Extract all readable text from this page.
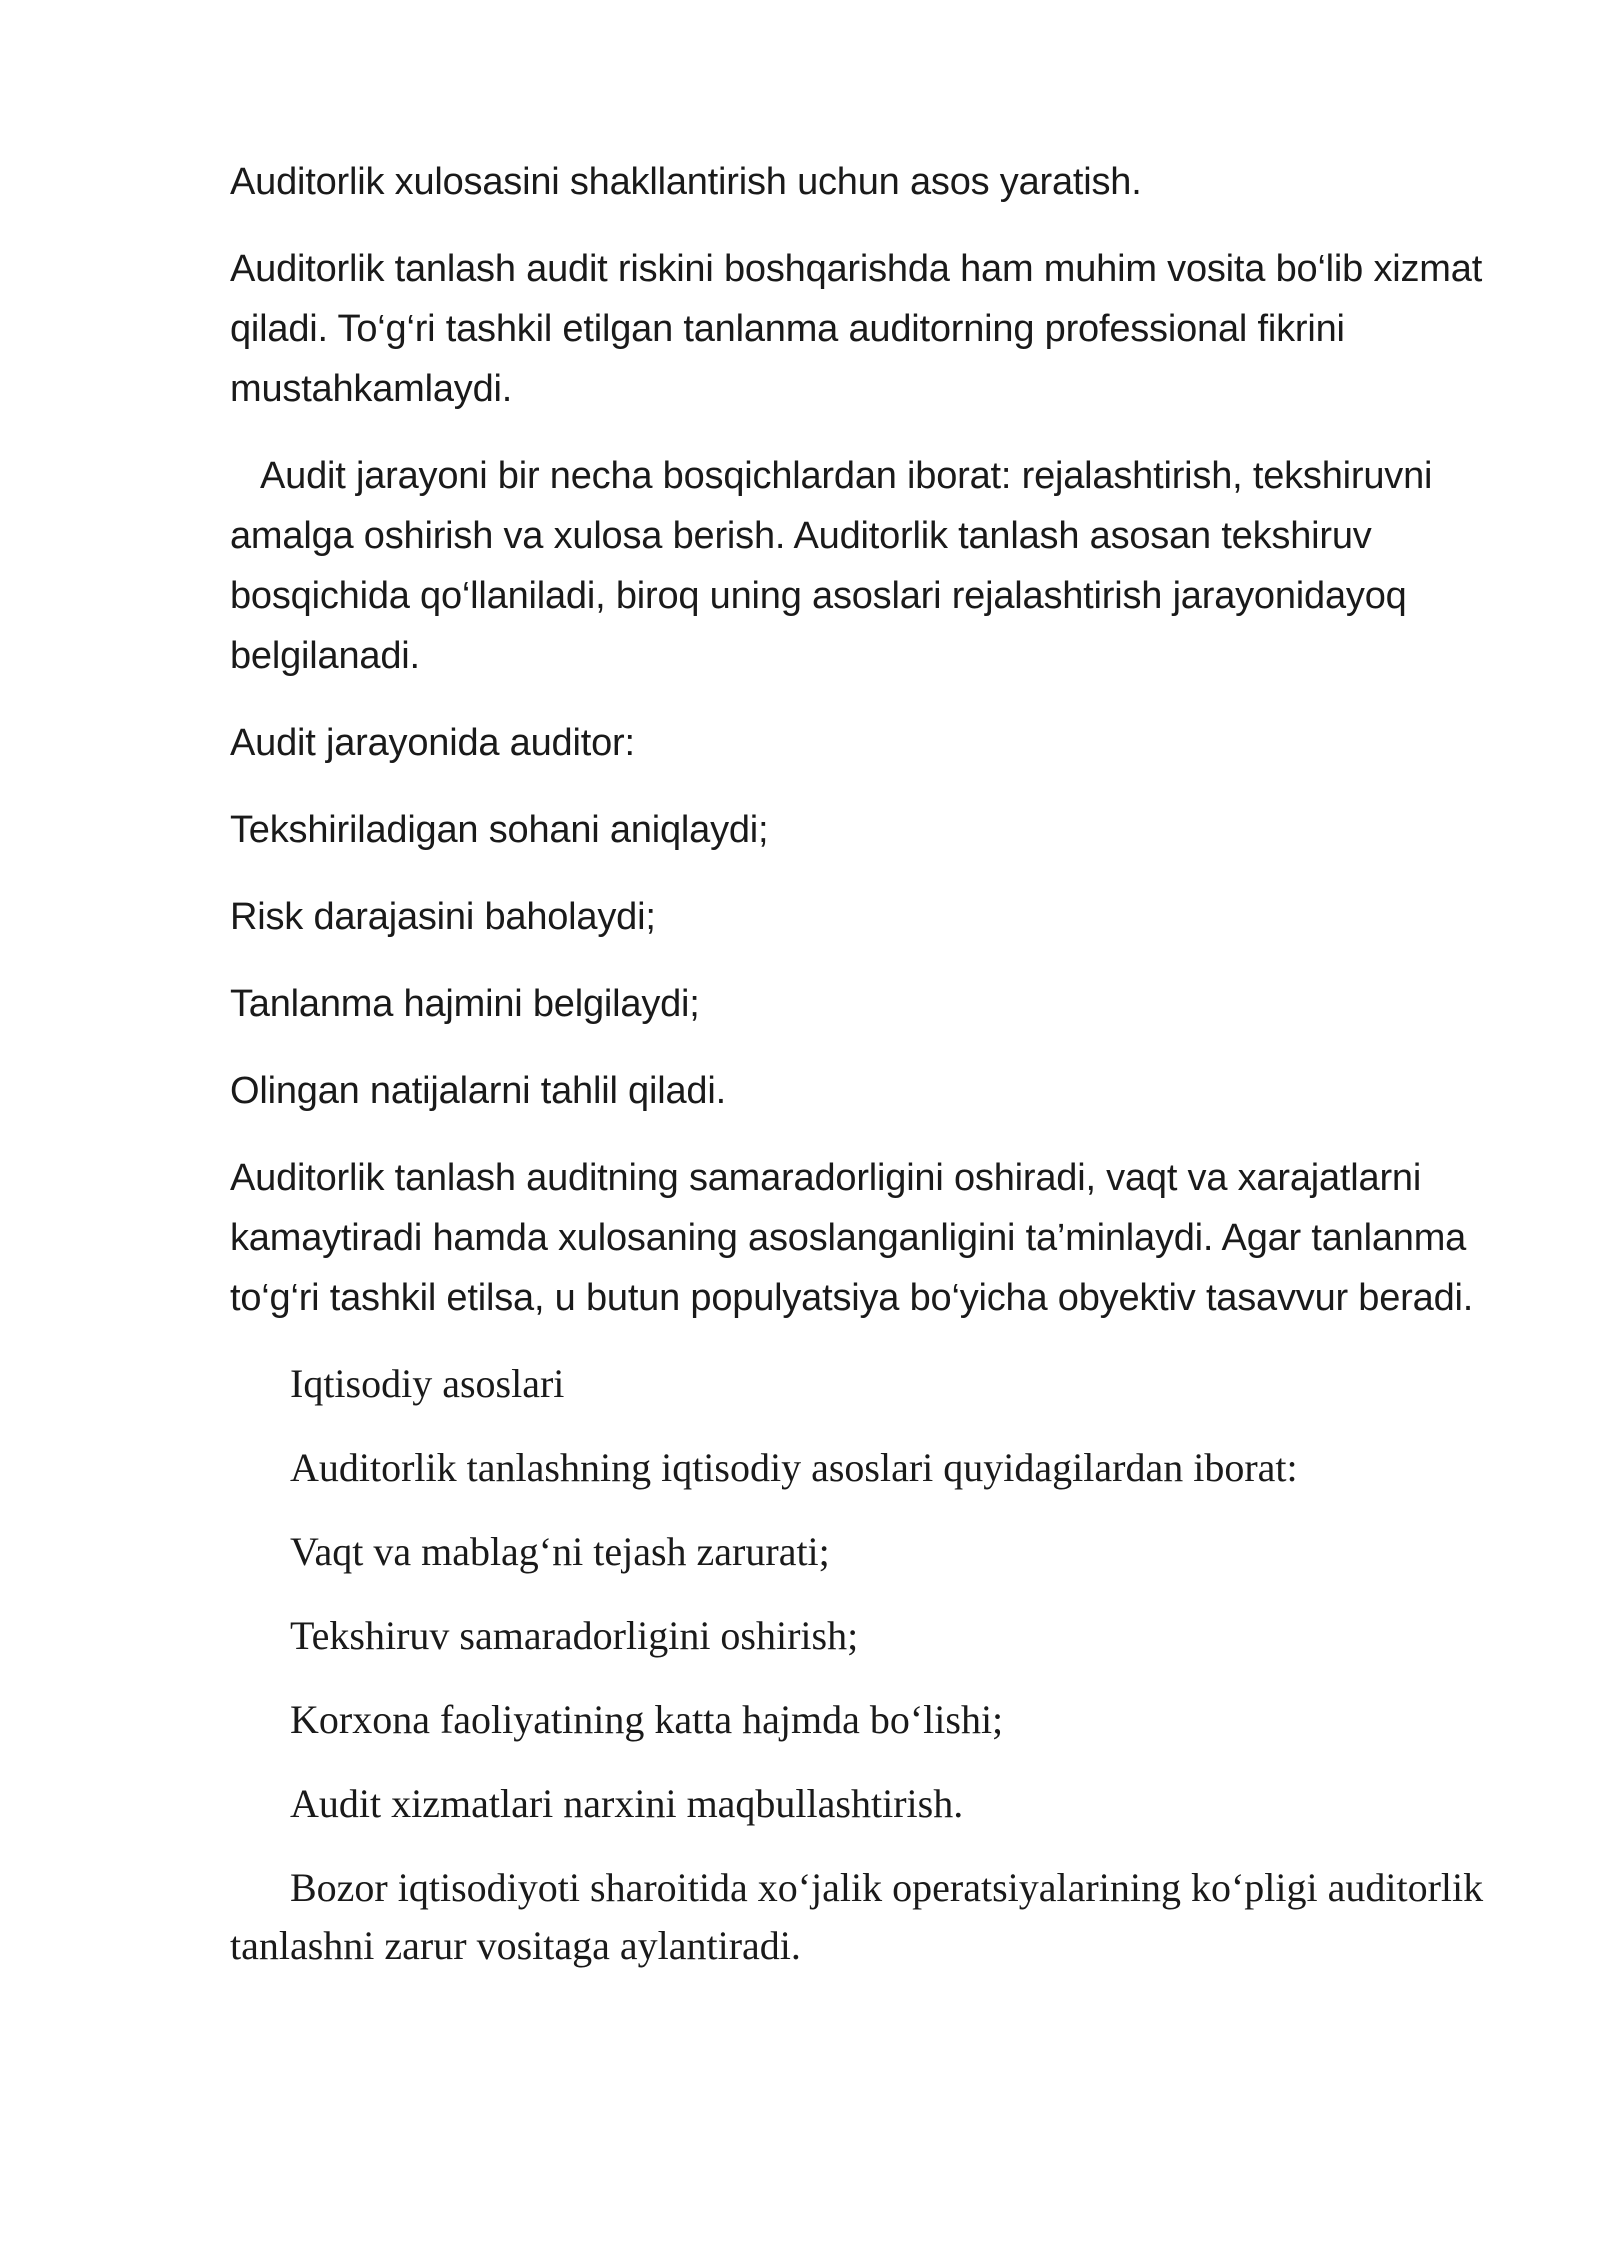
Auditorlik xulosasini shakllantirish uchun asos yaratish.

Auditorlik tanlash audit riskini boshqarishda ham muhim vosita bo‘lib xizmat qiladi. To‘g‘ri tashkil etilgan tanlanma auditorning professional fikrini mustahkamlaydi.

Audit jarayoni bir necha bosqichlardan iborat: rejalashtirish, tekshiruvni amalga oshirish va xulosa berish. Auditorlik tanlash asosan tekshiruv bosqichida qo‘llaniladi, biroq uning asoslari rejalashtirish jarayonidayoq belgilanadi.

Audit jarayonida auditor:

Tekshiriladigan sohani aniqlaydi;

Risk darajasini baholaydi;

Tanlanma hajmini belgilaydi;

Olingan natijalarni tahlil qiladi.

Auditorlik tanlash auditning samaradorligini oshiradi, vaqt va xarajatlarni kamaytiradi hamda xulosaning asoslanganligini ta’minlaydi. Agar tanlanma to‘g‘ri tashkil etilsa, u butun populyatsiya bo‘yicha obyektiv tasavvur beradi.

Iqtisodiy asoslari

Auditorlik tanlashning iqtisodiy asoslari quyidagilardan iborat:

Vaqt va mablag‘ni tejash zarurati;

Tekshiruv samaradorligini oshirish;

Korxona faoliyatining katta hajmda bo‘lishi;

Audit xizmatlari narxini maqbullashtirish.

Bozor iqtisodiyoti sharoitida xo‘jalik operatsiyalarining ko‘pligi auditorlik tanlashni zarur vositaga aylantiradi.
